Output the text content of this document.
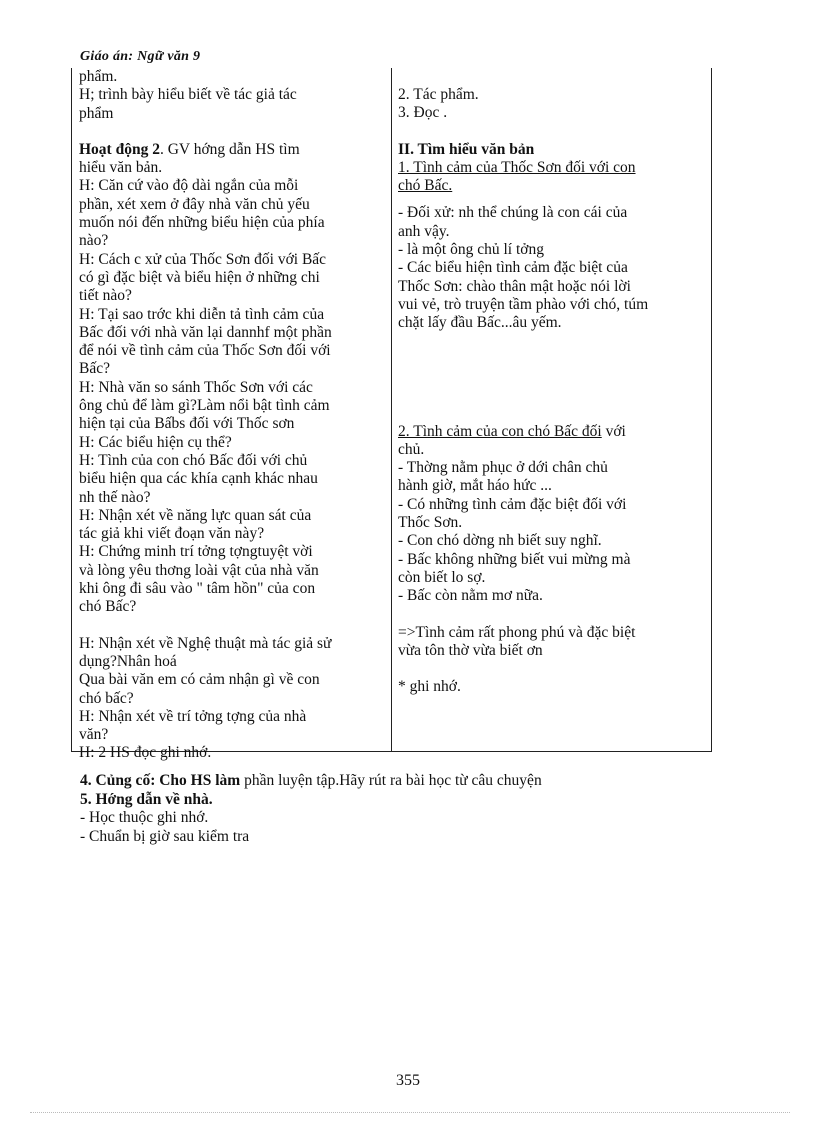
Giáo án: Ngữ văn 9
phẩm.
H; trình bày hiểu biết về tác giả tác
phẩm
Hoạt động 2. GV hớng dẫn HS tìm
hiểu văn bản.
H: Căn cứ vào độ dài ngắn của mỗi
phần, xét xem ở đây nhà văn chủ yếu
muốn nói đến những biểu hiện của phía
nào?
H: Cách c xử của Thốc Sơn đối với Bấc
có gì đặc biệt và biểu hiện ở những chi
tiết nào?
H: Tại sao trớc khi diễn tả tình cảm của
Bấc đối với nhà văn lại dannhf một phần
để nói về tình cảm của Thốc Sơn đối với
Bấc?
H: Nhà văn so sánh Thốc Sơn với các
ông chủ để làm gì?Làm nổi bật tình cảm
hiện tại của Bấbs đối với Thốc sơn
H: Các biểu hiện cụ thể?
H: Tình của con chó Bấc đối với chủ
biểu hiện qua các khía cạnh khác nhau
nh thế nào?
H: Nhận xét về năng lực quan sát của
tác giả khi viết đoạn văn này?
H: Chứng minh trí tởng tợngtuyệt vời
và lòng yêu thơng loài vật của nhà văn
khi ông đi sâu vào " tâm hồn" của con
chó Bấc?
H: Nhận xét về Nghệ thuật mà tác giả sử
dụng?Nhân hoá
Qua bài văn em có cảm nhận gì về con
chó bấc?
H: Nhận xét về trí tởng tợng của nhà
văn?
H: 2 HS đọc ghi nhớ.
2. Tác phẩm.
3. Đọc .
II. Tìm hiểu văn bản
1. Tình cảm của Thốc Sơn đối với con
chó Bấc.
- Đối xử: nh thể chúng là con cái của
anh vậy.
- là một ông chủ lí tởng
- Các biểu hiện tình cảm đặc biệt của
Thốc Sơn: chào thân mật hoặc nói lời
vui vẻ, trò truyện tầm phào với chó, túm
chặt lấy đầu Bấc...âu yếm.
2. Tình cảm của con chó Bấc đối với
chủ.
- Thờng nằm phục ở dới chân chủ
hành giờ, mắt háo hức ...
- Có những tình cảm đặc biệt đối với
Thốc Sơn.
- Con chó dờng nh biết suy nghĩ.
- Bấc không những biết vui mừng mà
còn biết lo sợ.
- Bấc còn nằm mơ nữa.
=>Tình cảm rất phong phú và đặc biệt
vừa tôn thờ vừa biết ơn
* ghi nhớ.
4. Củng cố: Cho HS làm phần luyện tập.Hãy rút ra bài học từ câu chuyện
5. Hớng dẫn về nhà.
- Học thuộc ghi nhớ.
- Chuẩn bị giờ sau kiểm tra
355
